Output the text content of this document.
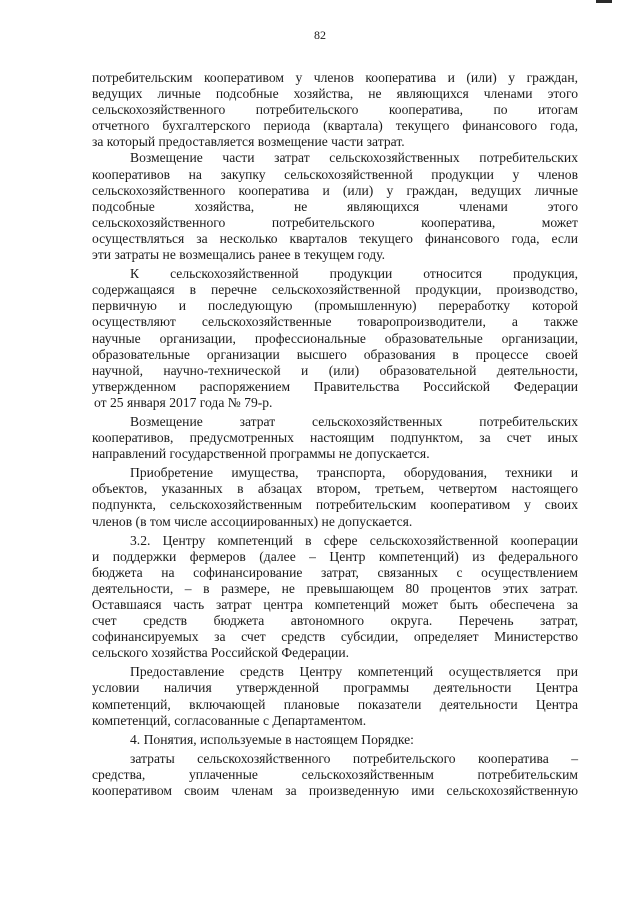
82

потребительским кооперативом у членов кооператива и (или) у граждан,

ведущих личные подсобные хозяйства, не являющихся членами этого

сельскохозяйственного потребительского кооператива, по итогам

отчетного бухгалтерского периода (квартала) текущего финансового года,

за который предоставляется возмещение части затрат.

Возмещение части затрат сельскохозяйственных потребительских

кооперативов на закупку сельскохозяйственной продукции у членов

сельскохозяйственного кооператива и (или) у граждан, ведущих личные

подсобные хозяйства, не являющихся членами этого

сельскохозяйственного потребительского кооператива, может

осуществляться за несколько кварталов текущего финансового года, если

эти затраты не возмещались ранее в текущем году.

К сельскохозяйственной продукции относится продукция,

содержащаяся в перечне сельскохозяйственной продукции, производство,

первичную и последующую (промышленную) переработку которой

осуществляют сельскохозяйственные товаропроизводители, а также

научные организации, профессиональные образовательные организации,

образовательные организации высшего образования в процессе своей

научной, научно-технической и (или) образовательной деятельности,

утвержденном распоряжением Правительства Российской Федерации

от 25 января 2017 года № 79-р.

Возмещение затрат сельскохозяйственных потребительских

кооперативов, предусмотренных настоящим подпунктом, за счет иных

направлений государственной программы не допускается.

Приобретение имущества, транспорта, оборудования, техники и

объектов, указанных в абзацах втором, третьем, четвертом настоящего

подпункта, сельскохозяйственным потребительским кооперативом у своих

членов (в том числе ассоциированных) не допускается.

3.2. Центру компетенций в сфере сельскохозяйственной кооперации

и поддержки фермеров (далее – Центр компетенций) из федерального

бюджета на софинансирование затрат, связанных с осуществлением

деятельности, – в размере, не превышающем 80 процентов этих затрат.

Оставшаяся часть затрат центра компетенций может быть обеспечена за

счет средств бюджета автономного округа. Перечень затрат,

софинансируемых за счет средств субсидии, определяет Министерство

сельского хозяйства Российской Федерации.

Предоставление средств Центру компетенций осуществляется при

условии наличия утвержденной программы деятельности Центра

компетенций, включающей плановые показатели деятельности Центра

компетенций, согласованные с Департаментом.

4. Понятия, используемые в настоящем Порядке:

затраты сельскохозяйственного потребительского кооператива –

средства, уплаченные сельскохозяйственным потребительским

кооперативом своим членам за произведенную ими сельскохозяйственную
